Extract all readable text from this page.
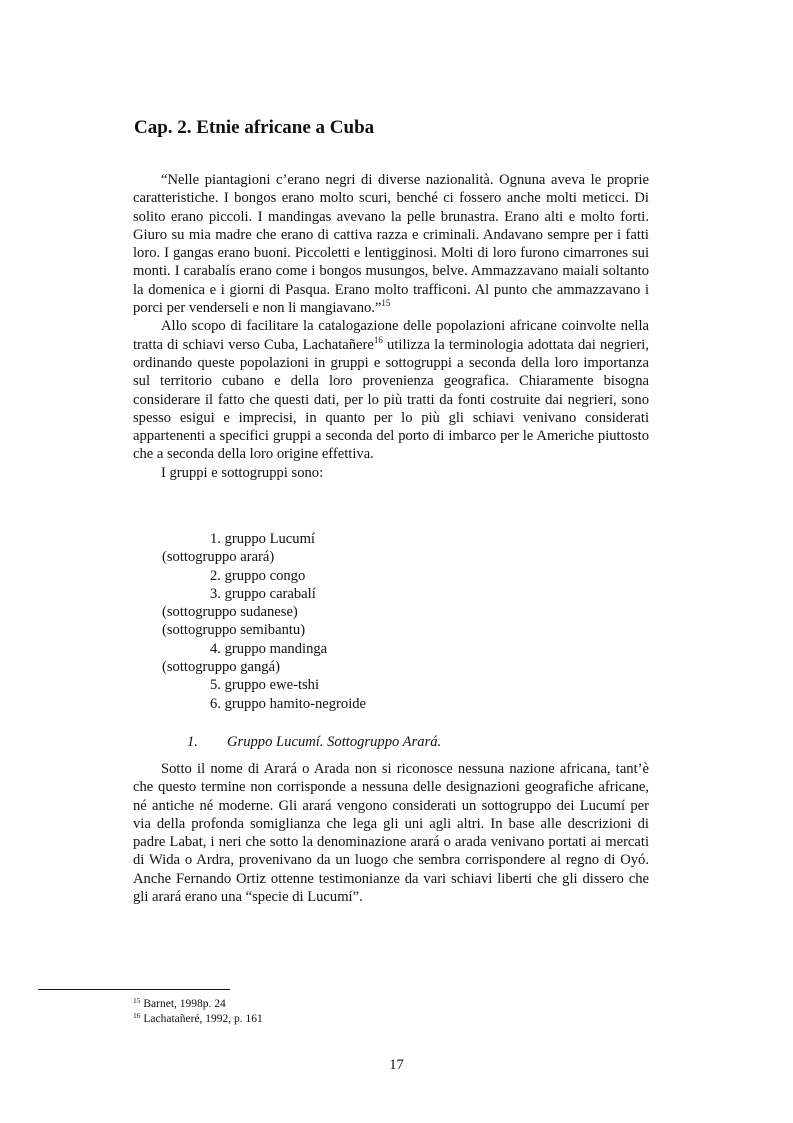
Cap. 2. Etnie africane a Cuba

“Nelle piantagioni c’erano negri di diverse nazionalità. Ognuna aveva le proprie caratteristiche. I bongos erano molto scuri, benché ci fossero anche molti meticci. Di solito erano piccoli. I mandingas avevano la pelle brunastra. Erano alti e molto forti. Giuro su mia madre che erano di cattiva razza e criminali. Andavano sempre per i fatti loro. I gangas erano buoni. Piccoletti e lentigginosi. Molti di loro furono cimarrones sui monti. I carabalís erano come i bongos musungos, belve. Ammazzavano maiali soltanto la domenica e i giorni di Pasqua. Erano molto trafficoni. Al punto che ammazzavano i porci per venderseli e non li mangiavano.”$^{15}$

Allo scopo di facilitare la catalogazione delle popolazioni africane coinvolte nella tratta di schiavi verso Cuba, Lachatañere$^{16}$ utilizza la terminologia adottata dai negrieri, ordinando queste popolazioni in gruppi e sottogruppi a seconda della loro importanza sul territorio cubano e della loro provenienza geografica. Chiaramente bisogna considerare il fatto che questi dati, per lo più tratti da fonti costruite dai negrieri, sono spesso esigui e imprecisi, in quanto per lo più gli schiavi venivano considerati appartenenti a specifici gruppi a seconda del porto di imbarco per le Americhe piuttosto che a seconda della loro origine effettiva.

I gruppi e sottogruppi sono:

1. gruppo Lucumí
(sottogruppo arará)
2. gruppo congo
3. gruppo carabalí
(sottogruppo sudanese)
(sottogruppo semibantu)
4. gruppo mandinga
(sottogruppo gangá)
5. gruppo ewe-tshi
6. gruppo hamito-negroide
1. Gruppo Lucumí. Sottogruppo Arará.

Sotto il nome di Arará o Arada non si riconosce nessuna nazione africana, tant’è che questo termine non corrisponde a nessuna delle designazioni geografiche africane, né antiche né moderne. Gli arará vengono considerati un sottogruppo dei Lucumí per via della profonda somiglianza che lega gli uni agli altri. In base alle descrizioni di padre Labat, i neri che sotto la denominazione arará o arada venivano portati ai mercati di Wida o Ardra, provenivano da un luogo che sembra corrispondere al regno di Oyó. Anche Fernando Ortiz ottenne testimonianze da vari schiavi liberti che gli dissero che gli arará erano una “specie di Lucumí”.

$^{15}$ Barnet, 1998p. 24
$^{16}$ Lachatañeré, 1992, p. 161
17
